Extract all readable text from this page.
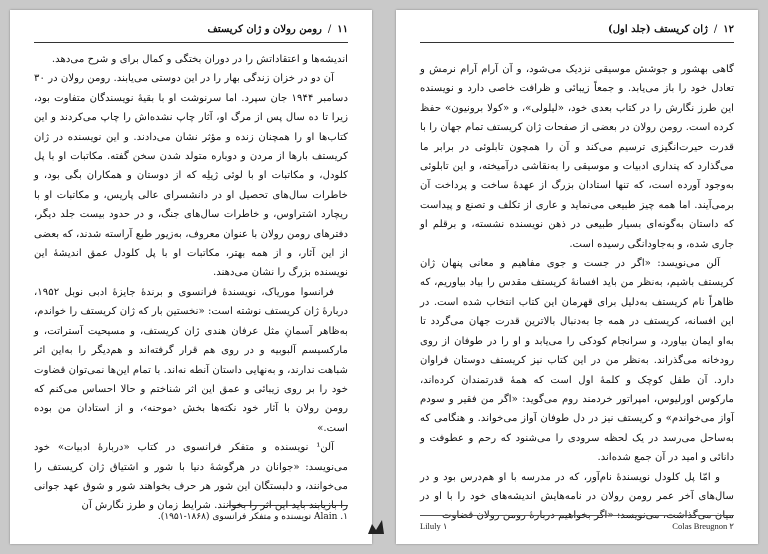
۱۱
/
رومن رولان و ژان کریستف

اندیشه‌ها و اعتقاداتش را در دوران بختگی و کمال برای و شرح می‌دهد.

آن دو در خزان زندگی بهار را در این دوستی می‌یابند. رومن رولان در ۳۰ دسامبر ۱۹۴۴ جان سپرد. اما سرنوشت او با بقیهٔ نویسندگان متفاوت بود، زیرا تا ده سال پس از مرگ او، آثار چاپ نشده‌اش را چاپ می‌کردند و این کتاب‌ها او را همچنان زنده و مؤثر نشان می‌دادند. و این نویسنده در ژان کریستف بارها از مردن و دوباره متولد شدن سخن گفته. مکاتبات او با پل کلودل، و مکاتبات او با لوئی ژیلِه که از دوستان و همکاران بگی بود، و خاطرات سال‌های تحصیل او در دانشسرای عالی پاریس، و مکاتبات او با ریچارد اشتراوس، و خاطرات سال‌های جنگ، و در حدود بیست جلد دیگر، دفترهای رومن رولان با عنوان معروف، به‌زیور طبع آراسته شدند، که بعضی از این آثار، و از همه بهتر، مکاتبات او با پل کلودل عمق اندیشهٔ این نویسنده بزرگ را نشان می‌دهند.

فرانسوا موریاک، نویسندهٔ فرانسوی و برندهٔ جایزهٔ ادبی نوبل ۱۹۵۲، دربارهٔ ژان کریستف نوشته است: «نخستین بار که ژان کریستف را خواندم، به‌ظاهر آسمانِ مثل عرفان هندی ژان کریستف، و مسیحیت آستراتت، و مارکسیسم آلبوبیه و در روی هم قرار گرفته‌اند و هم‌دیگر را به‌این اثر شباهت ندارند، و به‌نهایی داستان آنطه نه‌اند. با تمام این‌ها نمی‌توان قضاوت خود را بر روی زیبائی و عمق این اثر شناختم و حالا احساس می‌کنم که رومن رولان با آثار خود نکته‌ها بخش ‹موحنه›، و از استادان من بوده است.»

آلن¹ نویسنده و متفکر فرانسوی در کتاب «دربارهٔ ادبیات» خود می‌نویسد: «جوانان در هرگوشهٔ دنیا با شور و اشتیاق ژان کریستف را می‌خوانند، و دلبستگان این شور هر حرف بخواهند شور و شوق عهد جوانی را بازیابند باید این اثر را بخوانند. شرایط زمان و طرز نگارش آن

۱. Alain نویسنده و متفکر فرانسوی (۱۸۶۸-۱۹۵۱).
۱۲
/
ژان کریستف (جلد اول)

گاهی بهشور و جوشش موسیقی نزدیک می‌شود، و آن آرام آرام نرمش و تعادل خود را باز می‌یابد. و جمعاً زیبائی و ظرافت خاصی دارد و نویسنده این طرز نگارش را در کتاب بعدی خود، «لیلولی»، و «کولا برونیون» حفظ کرده است. رومن رولان در بعضی از صفحات ژان کریستف تمام جهان را با قدرت حیرت‌انگیزی ترسیم می‌کند و آن را همچون تابلوئی در برابر ما می‌گذارد که پنداری ادبیات و موسیقی را به‌نقاشی درآمیخته، و این تابلوئی به‌وجود آورده است، که تنها استادان بزرگ از عهدهٔ ساخت و پرداخت آن برمی‌آیند. اما همه چیز طبیعی می‌نماید و عاری از تکلف و تصنع و پیداست که داستان به‌گونه‌ای بسیار طبیعی در ذهن نویسنده نشسته، و برقلم او جاری شده، و به‌جاودانگی رسیده است.

آلن می‌نویسد: «اگر در جست و جوی مفاهیم و معانی پنهان ژان کریستف باشیم، به‌نظر من باید افسانهٔ کریستف مقدس را بیاد بیاوریم، که ظاهراً نام کریستف به‌دلیل برای قهرمان این کتاب انتخاب شده است. در این افسانه، کریستف در همه جا به‌دنبال بالاترین قدرت جهان می‌گردد تا به‌او ایمان بیاورد، و سرانجام کودکی را می‌یابد و او را در طوفان از روی رودخانه می‌گذراند. به‌نظر من در این کتاب نیز کریستف دوستان فراوان دارد. آن طفل کوچک و کلمهٔ اول است که همهٔ قدرتمندان کرده‌اند، مارکوس اورلیوس، امپراتور خردمند روم می‌گوید: «اگر من فقیر و سودم آواز می‌خواندم» و کریستف نیز در دل طوفان آواز می‌خواند. و هنگامی که به‌ساحل می‌رسد در یک لحظه سرودی را می‌شنود که رحم و عطوفت و دانائی و امید در آن جمع شده‌اند.

و امّا پل کلودل نویسندهٔ نام‌آور، که در مدرسه با او هم‌درس بود و در سال‌های آخر عمر رومن رولان در نامه‌هایش اندیشه‌های خود را با او در میان می‌گذاشت، می‌نویسد: «اگر بخواهیم دربارهٔ رومن رولان قضاوت

Liluly ۱	Colas Breugnon ۲
